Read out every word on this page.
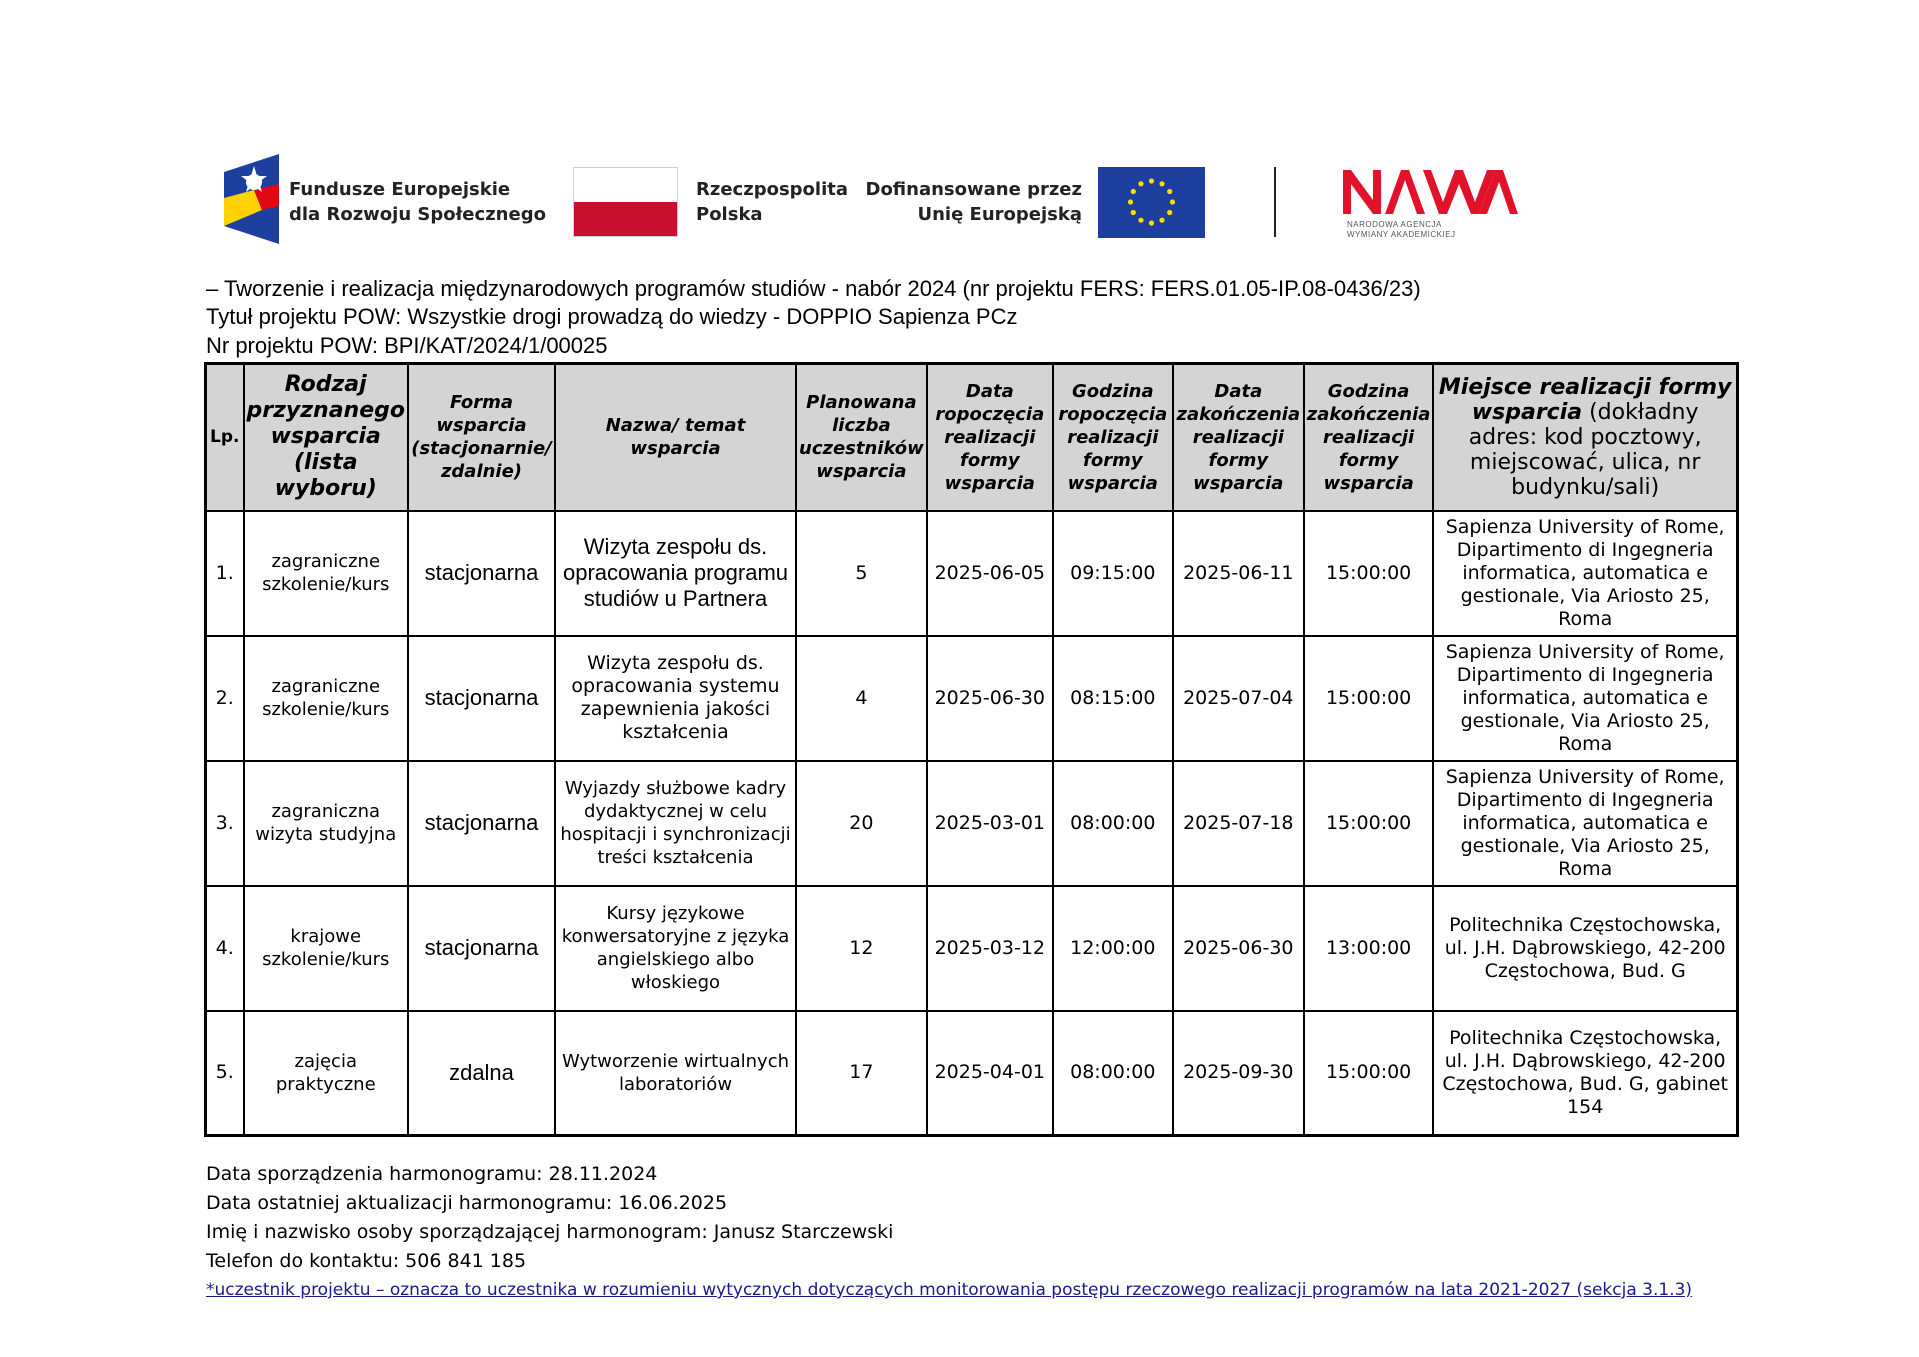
Fundusze Europejskie
dla Rozwoju Społecznego
Rzeczpospolita
Polska
Dofinansowane przez
Unię Europejską	NARODOWA AGENCJA
WYMIANY AKADEMICKIEJ
– Tworzenie i realizacja międzynarodowych programów studiów - nabór 2024 (nr projektu FERS: FERS.01.05-IP.08-0436/23)
Tytuł projektu POW: Wszystkie drogi prowadzą do wiedzy - DOPPIO Sapienza PCz
Nr projektu POW: BPI/KAT/2024/1/00025
Lp.	Rodzaj przyznanego wsparcia (lista wyboru)	Forma wsparcia (stacjonarnie/ zdalnie)	Nazwa/ temat wsparcia	Planowana liczba uczestników wsparcia	Data ropoczęcia realizacji formy wsparcia	Godzina ropoczęcia realizacji formy wsparcia	Data zakończenia realizacji formy wsparcia	Godzina zakończenia realizacji formy wsparcia	Miejsce realizacji formy wsparcia (dokładny adres: kod pocztowy, miejscować, ulica, nr budynku/sali)
1.	zagraniczne szkolenie/kurs	stacjonarna	Wizyta zespołu ds. opracowania programu studiów u Partnera	5	2025-06-05	09:15:00	2025-06-11	15:00:00	Sapienza University of Rome, Dipartimento di Ingegneria informatica, automatica e gestionale, Via Ariosto 25, Roma
2.	zagraniczne szkolenie/kurs	stacjonarna	Wizyta zespołu ds. opracowania systemu zapewnienia jakości kształcenia	4	2025-06-30	08:15:00	2025-07-04	15:00:00	Sapienza University of Rome, Dipartimento di Ingegneria informatica, automatica e gestionale, Via Ariosto 25, Roma
3.	zagraniczna wizyta studyjna	stacjonarna	Wyjazdy służbowe kadry dydaktycznej w celu hospitacji i synchronizacji treści kształcenia	20	2025-03-01	08:00:00	2025-07-18	15:00:00	Sapienza University of Rome, Dipartimento di Ingegneria informatica, automatica e gestionale, Via Ariosto 25, Roma
4.	krajowe szkolenie/kurs	stacjonarna	Kursy językowe konwersatoryjne z języka angielskiego albo włoskiego	12	2025-03-12	12:00:00	2025-06-30	13:00:00	Politechnika Częstochowska, ul. J.H. Dąbrowskiego, 42-200 Częstochowa, Bud. G
5.	zajęcia praktyczne	zdalna	Wytworzenie wirtualnych laboratoriów	17	2025-04-01	08:00:00	2025-09-30	15:00:00	Politechnika Częstochowska, ul. J.H. Dąbrowskiego, 42-200 Częstochowa, Bud. G, gabinet 154
Data sporządzenia harmonogramu: 28.11.2024
Data ostatniej aktualizacji harmonogramu: 16.06.2025
Imię i nazwisko osoby sporządzającej harmonogram: Janusz Starczewski
Telefon do kontaktu: 506 841 185
*uczestnik projektu – oznacza to uczestnika w rozumieniu wytycznych dotyczących monitorowania postępu rzeczowego realizacji programów na lata 2021-2027 (sekcja 3.1.3)
